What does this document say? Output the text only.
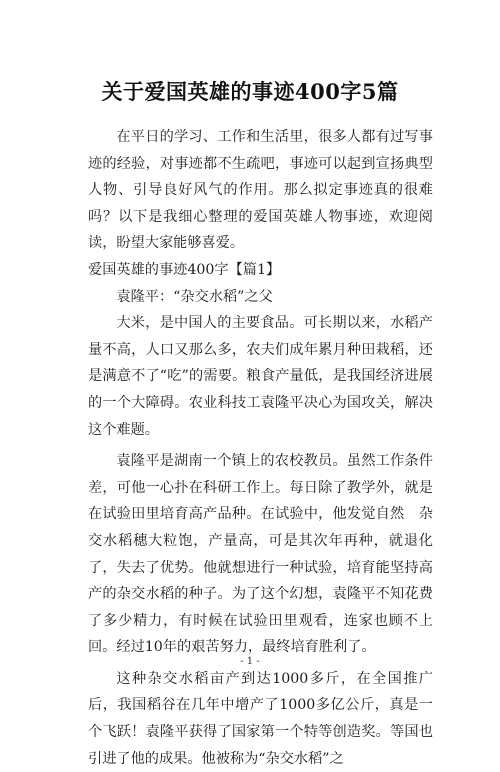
关于爱国英雄的事迹400字5篇

在平日的学习、工作和生活里，很多人都有过写事迹的经验，对事迹都不生疏吧，事迹可以起到宣扬典型人物、引导良好风气的作用。那么拟定事迹真的很难吗？以下是我细心整理的爱国英雄人物事迹，欢迎阅读，盼望大家能够喜爱。

爱国英雄的事迹400字【篇1】

袁隆平：“杂交水稻”之父

大米，是中国人的主要食品。可长期以来，水稻产量不高，人口又那么多，农夫们成年累月种田栽稻，还是满意不了“吃”的需要。粮食产量低，是我国经济进展的一个大障碍。农业科技工袁隆平决心为国攻关，解决这个难题。

袁隆平是湖南一个镇上的农校教员。虽然工作条件差，可他一心扑在科研工作上。每日除了教学外，就是在试验田里培育高产品种。在试验中，他发觉自然　杂交水稻穗大粒饱，产量高，可是其次年再种，就退化了，失去了优势。他就想进行一种试验，培育能坚持高产的杂交水稻的种子。为了这个幻想，袁隆平不知花费了多少精力，有时候在试验田里观看，连家也顾不上回。经过10年的艰苦努力，最终培育胜利了。

这种杂交水稻亩产到达1000多斤，在全国推广后，我国稻谷在几年中增产了1000多亿公斤，真是一个飞跃！袁隆平获得了国家第一个特等创造奖。等国也引进了他的成果。他被称为“杂交水稻”之

- 1 -
